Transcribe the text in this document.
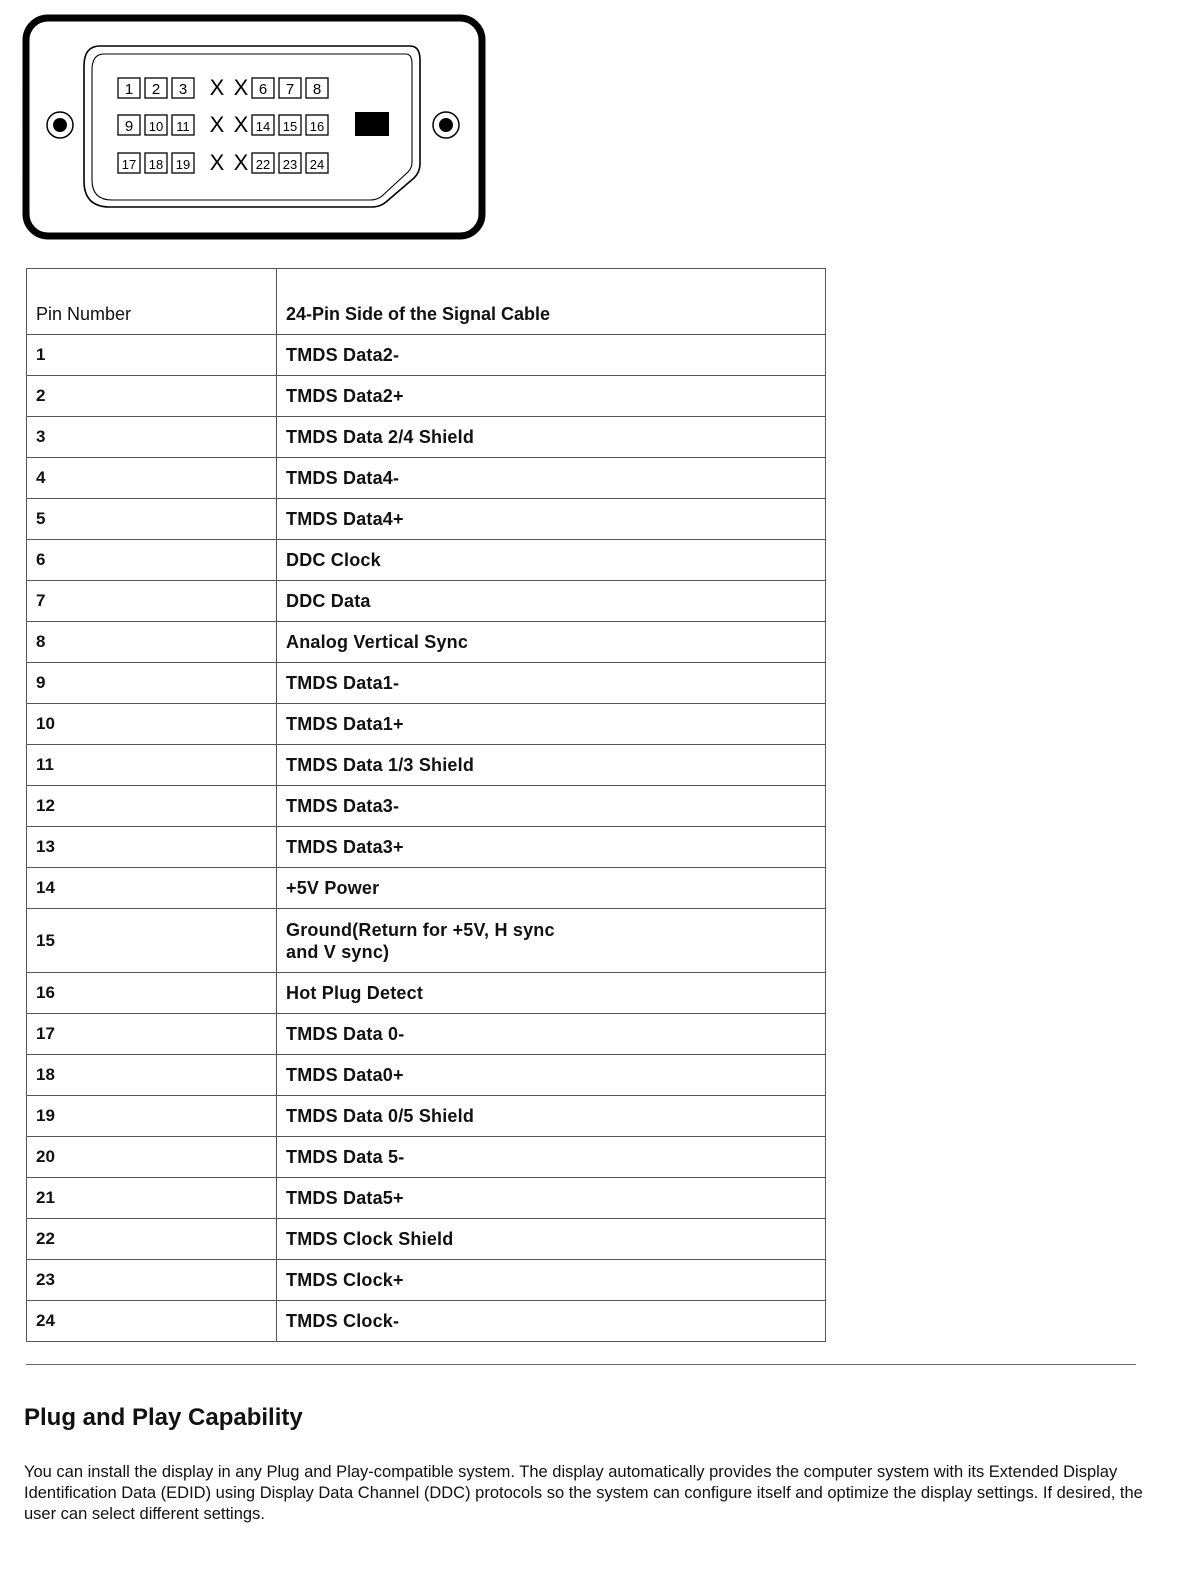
1 2 3 X X 6 7 8
9 10 11 X X 14 15 16
17 18 19 X X 22 23 24
Pin Number	24-Pin Side of the Signal Cable
1	TMDS Data2-

2	TMDS Data2+

3	TMDS Data 2/4 Shield

4	TMDS Data4-

5	TMDS Data4+

6	DDC Clock

7	DDC Data

8	Analog Vertical Sync

9	TMDS Data1-

10	TMDS Data1+

11	TMDS Data 1/3 Shield

12	TMDS Data3-

13	TMDS Data3+

14	+5V Power

15	Ground(Return for +5V, H sync and V sync)

16	Hot Plug Detect

17	TMDS Data 0-

18	TMDS Data0+

19	TMDS Data 0/5 Shield

20	TMDS Data 5-

21	TMDS Data5+

22	TMDS Clock Shield

23	TMDS Clock+

24	TMDS Clock-
Plug and Play Capability

You can install the display in any Plug and Play-compatible system. The display automatically provides the computer system with its Extended Display Identification Data (EDID) using Display Data Channel (DDC) protocols so the system can configure itself and optimize the display settings. If desired, the user can select different settings.
